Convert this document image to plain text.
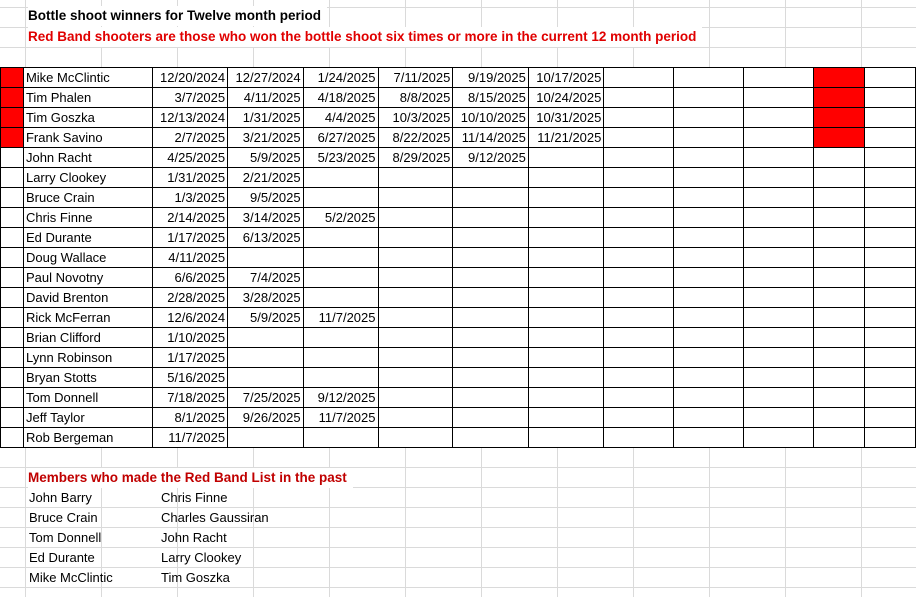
Bottle shoot winners for Twelve month period
Red Band shooters are those who won the bottle shoot six times or more in the current 12 month period
	Mike McClintic	12/20/2024	12/27/2024	1/24/2025	7/11/2025	9/19/2025	10/17/2025					
	Tim Phalen	3/7/2025	4/11/2025	4/18/2025	8/8/2025	8/15/2025	10/24/2025					
	Tim Goszka	12/13/2024	1/31/2025	4/4/2025	10/3/2025	10/10/2025	10/31/2025					
	Frank Savino	2/7/2025	3/21/2025	6/27/2025	8/22/2025	11/14/2025	11/21/2025					
	John Racht	4/25/2025	5/9/2025	5/23/2025	8/29/2025	9/12/2025						
	Larry Clookey	1/31/2025	2/21/2025									
	Bruce Crain	1/3/2025	9/5/2025									
	Chris Finne	2/14/2025	3/14/2025	5/2/2025								
	Ed Durante	1/17/2025	6/13/2025									
	Doug Wallace	4/11/2025										
	Paul Novotny	6/6/2025	7/4/2025									
	David Brenton	2/28/2025	3/28/2025									
	Rick McFerran	12/6/2024	5/9/2025	11/7/2025								
	Brian Clifford	1/10/2025										
	Lynn Robinson	1/17/2025										
	Bryan Stotts	5/16/2025										
	Tom Donnell	7/18/2025	7/25/2025	9/12/2025								
	Jeff Taylor	8/1/2025	9/26/2025	11/7/2025								
	Rob Bergeman	11/7/2025										
Members who made the Red Band List in the past
John Barry	Chris Finne
Bruce Crain	Charles Gaussiran
Tom Donnell	John Racht
Ed Durante	Larry Clookey
Mike McClintic	Tim Goszka
